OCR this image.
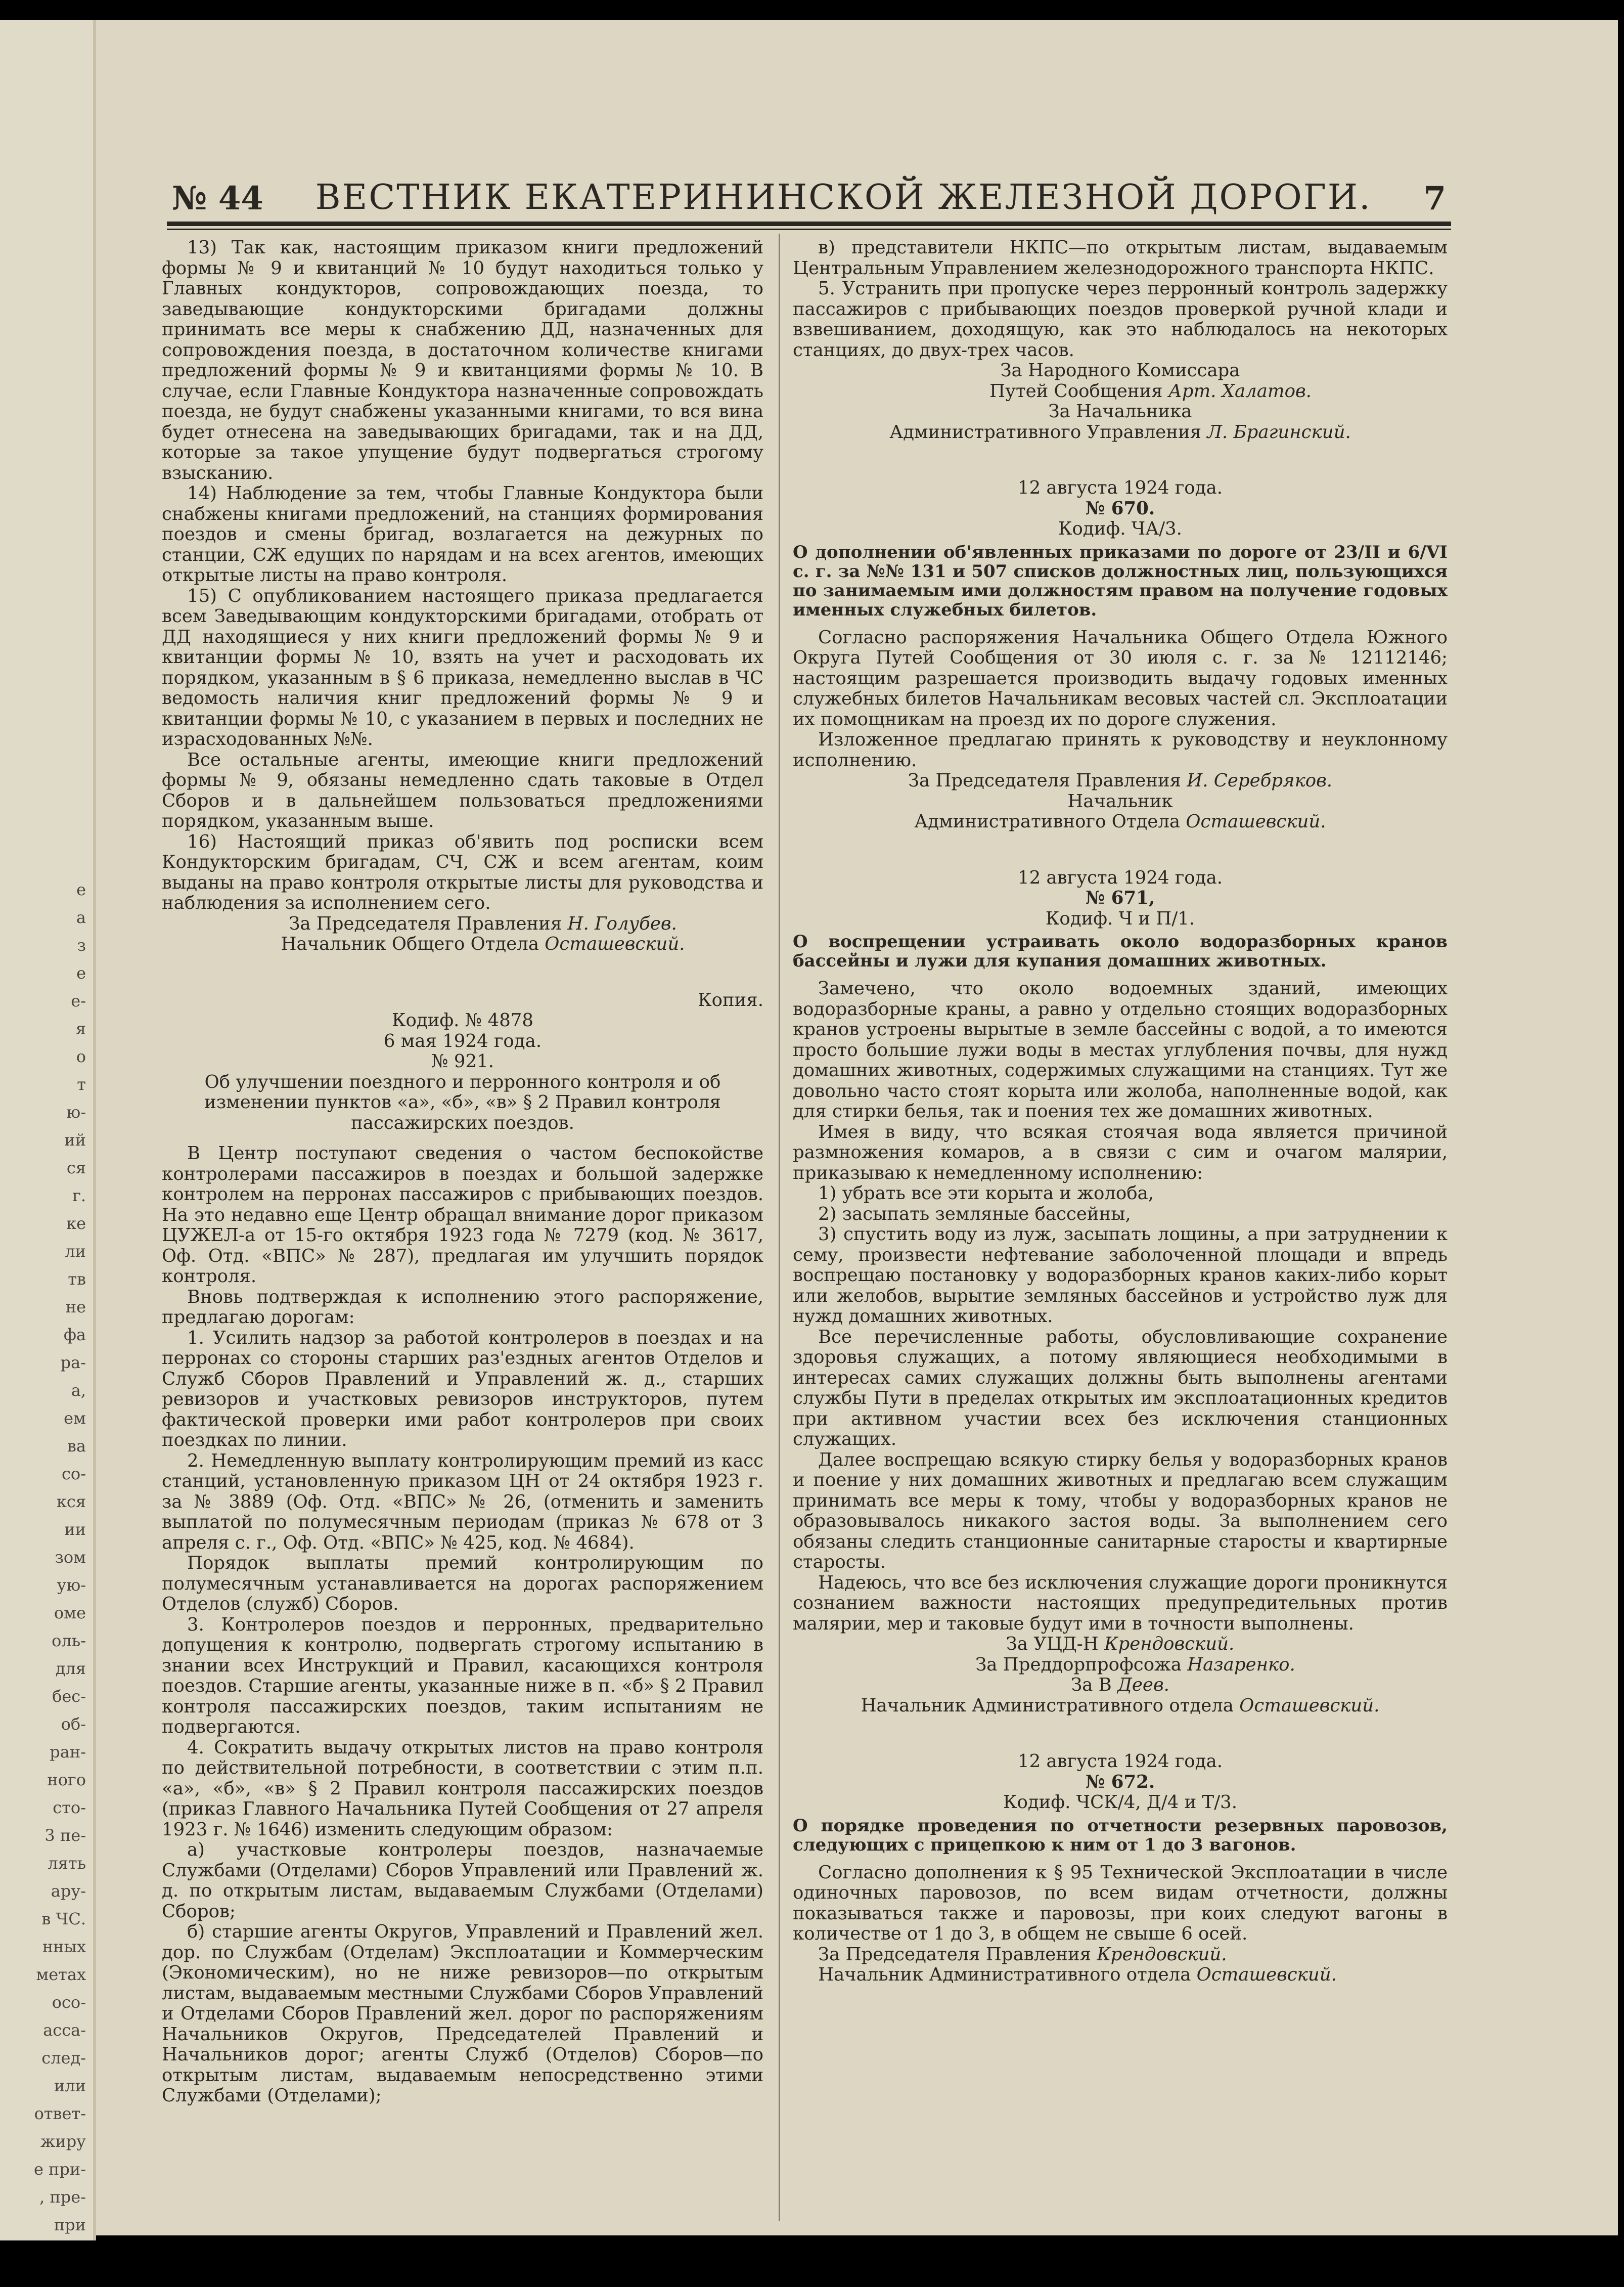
е
а
з
е
е-
я
о
т
ю-
ий
ся
г.
ке
ли
тв
не
фа
ра-
а,
ем
ва
со-
кся
ии
зом
ую-
оме
оль-
для
бес-
об-
ран-
ного
сто-
3 пе-
лять
ару-
в ЧС.
нных
метах
осо-
асса-
след-
или
ответ-
жиру
е при-
, пре-
при
№ 44 ВЕСТНИК ЕКАТЕРИНИНСКОЙ ЖЕЛЕЗНОЙ ДОРОГИ. 7

13) Так как, настоящим приказом книги предложений формы № 9 и квитанций № 10 будут находиться только у Главных кондукторов, сопровождающих поезда, то заведывающие кондукторскими бригадами должны принимать все меры к снабжению ДД, назначенных для сопровождения поезда, в достаточном количестве книгами предложений формы № 9 и квитанциями формы № 10. В случае, если Главные Кондуктора назначенные сопровождать поезда, не будут снабжены указанными книгами, то вся вина будет отнесена на заведывающих бригадами, так и на ДД, которые за такое упущение будут подвергаться строгому взысканию.

14) Наблюдение за тем, чтобы Главные Кондуктора были снабжены книгами предложений, на станциях формирования поездов и смены бригад, возлагается на дежурных по станции, СЖ едущих по нарядам и на всех агентов, имеющих открытые листы на право контроля.

15) С опубликованием настоящего приказа предлагается всем Заведывающим кондукторскими бригадами, отобрать от ДД находящиеся у них книги предложений формы № 9 и квитанции формы № 10, взять на учет и расходовать их порядком, указанным в § 6 приказа, немедленно выслав в ЧС ведомость наличия книг предложений формы № 9 и квитанции формы № 10, с указанием в первых и последних не израсходованных №№.

Все остальные агенты, имеющие книги предложений формы № 9, обязаны немедленно сдать таковые в Отдел Сборов и в дальнейшем пользоваться предложениями порядком, указанным выше.

16) Настоящий приказ об'явить под росписки всем Кондукторским бригадам, СЧ, СЖ и всем агентам, коим выданы на право контроля открытые листы для руководства и наблюдения за исполнением сего.

За Председателя Правления Н. Голубев.

Начальник Общего Отдела Осташевский.

Копия.

Кодиф. № 4878

6 мая 1924 года.

№ 921.

Об улучшении поездного и перронного контроля и об изменении пунктов «а», «б», «в» § 2 Правил контроля пассажирских поездов.

В Центр поступают сведения о частом беспокойстве контролерами пассажиров в поездах и большой задержке контролем на перронах пассажиров с прибывающих поездов. На это недавно еще Центр обращал внимание дорог приказом ЦУЖЕЛ-а от 15-го октября 1923 года № 7279 (код. № 3617, Оф. Отд. «ВПС» № 287), предлагая им улучшить порядок контроля.

Вновь подтверждая к исполнению этого распоряжение, предлагаю дорогам:

1. Усилить надзор за работой контролеров в поездах и на перронах со стороны старших раз'ездных агентов Отделов и Служб Сборов Правлений и Управлений ж. д., старших ревизоров и участковых ревизоров инструкторов, путем фактической проверки ими работ контролеров при своих поездках по линии.

2. Немедленную выплату контролирующим премий из касс станций, установленную приказом ЦН от 24 октября 1923 г. за № 3889 (Оф. Отд. «ВПС» № 26, (отменить и заменить выплатой по полумесячным периодам (приказ № 678 от 3 апреля с. г., Оф. Отд. «ВПС» № 425, код. № 4684).

Порядок выплаты премий контролирующим по полумесячным устанавливается на дорогах распоряжением Отделов (служб) Сборов.

3. Контролеров поездов и перронных, предварительно допущения к контролю, подвергать строгому испытанию в знании всех Инструкций и Правил, касающихся контроля поездов. Старшие агенты, указанные ниже в п. «б» § 2 Правил контроля пассажирских поездов, таким испытаниям не подвергаются.

4. Сократить выдачу открытых листов на право контроля по действительной потребности, в соответствии с этим п.п. «а», «б», «в» § 2 Правил контроля пассажирских поездов (приказ Главного Начальника Путей Сообщения от 27 апреля 1923 г. № 1646) изменить следующим образом:

а) участковые контролеры поездов, назначаемые Службами (Отделами) Сборов Управлений или Правлений ж. д. по открытым листам, выдаваемым Службами (Отделами) Сборов;

б) старшие агенты Округов, Управлений и Правлений жел. дор. по Службам (Отделам) Эксплоатации и Коммерческим (Экономическим), но не ниже ревизоров—по открытым листам, выдаваемым местными Службами Сборов Управлений и Отделами Сборов Правлений жел. дорог по распоряжениям Начальников Округов, Председателей Правлений и Начальников дорог; агенты Служб (Отделов) Сборов—по открытым листам, выдаваемым непосредственно этими Службами (Отделами);

в) представители НКПС—по открытым листам, выдаваемым Центральным Управлением железнодорожного транспорта НКПС.

5. Устранить при пропуске через перронный контроль задержку пассажиров с прибывающих поездов проверкой ручной клади и взвешиванием, доходящую, как это наблюдалось на некоторых станциях, до двух-трех часов.

За Народного Комиссара

Путей Сообщения Арт. Халатов.

За Начальника

Административного Управления Л. Брагинский.

12 августа 1924 года.

№ 670.

Кодиф. ЧА/3.

О дополнении об'явленных приказами по дороге от 23/II и 6/VI с. г. за №№ 131 и 507 списков должностных лиц, пользующихся по занимаемым ими должностям правом на получение годовых именных служебных билетов.

Согласно распоряжения Начальника Общего Отдела Южного Округа Путей Сообщения от 30 июля с. г. за № 12112146; настоящим разрешается производить выдачу годовых именных служебных билетов Начальникам весовых частей сл. Эксплоатации их помощникам на проезд их по дороге служения.

Изложенное предлагаю принять к руководству и неуклонному исполнению.

За Председателя Правления И. Серебряков.

Начальник

Административного Отдела Осташевский.

12 августа 1924 года.

№ 671,

Кодиф. Ч и П/1.

О воспрещении устраивать около водоразборных кранов бассейны и лужи для купания домашних животных.

Замечено, что около водоемных зданий, имеющих водоразборные краны, а равно у отдельно стоящих водоразборных кранов устроены вырытые в земле бассейны с водой, а то имеются просто большие лужи воды в местах углубления почвы, для нужд домашних животных, содержимых служащими на станциях. Тут же довольно часто стоят корыта или жолоба, наполненные водой, как для стирки белья, так и поения тех же домашних животных.

Имея в виду, что всякая стоячая вода является причиной размножения комаров, а в связи с сим и очагом малярии, приказываю к немедленному исполнению:

1) убрать все эти корыта и жолоба,

2) засыпать земляные бассейны,

3) спустить воду из луж, засыпать лощины, а при затруднении к сему, произвести нефтевание заболоченной площади и впредь воспрещаю постановку у водоразборных кранов каких-либо корыт или желобов, вырытие земляных бассейнов и устройство луж для нужд домашних животных.

Все перечисленные работы, обусловливающие сохранение здоровья служащих, а потому являющиеся необходимыми в интересах самих служащих должны быть выполнены агентами службы Пути в пределах открытых им эксплоатационных кредитов при активном участии всех без исключения станционных служащих.

Далее воспрещаю всякую стирку белья у водоразборных кранов и поение у них домашних животных и предлагаю всем служащим принимать все меры к тому, чтобы у водоразборных кранов не образовывалось никакого застоя воды. За выполнением сего обязаны следить станционные санитарные старосты и квартирные старосты.

Надеюсь, что все без исключения служащие дороги проникнутся сознанием важности настоящих предупредительных против малярии, мер и таковые будут ими в точности выполнены.

За УЦД-Н Крендовский.

За Преддорпрофсожа Назаренко.

За В Деев.

Начальник Административного отдела Осташевский.

12 августа 1924 года.

№ 672.

Кодиф. ЧСК/4, Д/4 и Т/3.

О порядке проведения по отчетности резервных паровозов, следующих с прицепкою к ним от 1 до 3 вагонов.

Согласно дополнения к § 95 Технической Эксплоатации в числе одиночных паровозов, по всем видам отчетности, должны показываться также и паровозы, при коих следуют вагоны в количестве от 1 до 3, в общем не свыше 6 осей.

За Председателя Правления Крендовский.

Начальник Административного отдела Осташевский.
